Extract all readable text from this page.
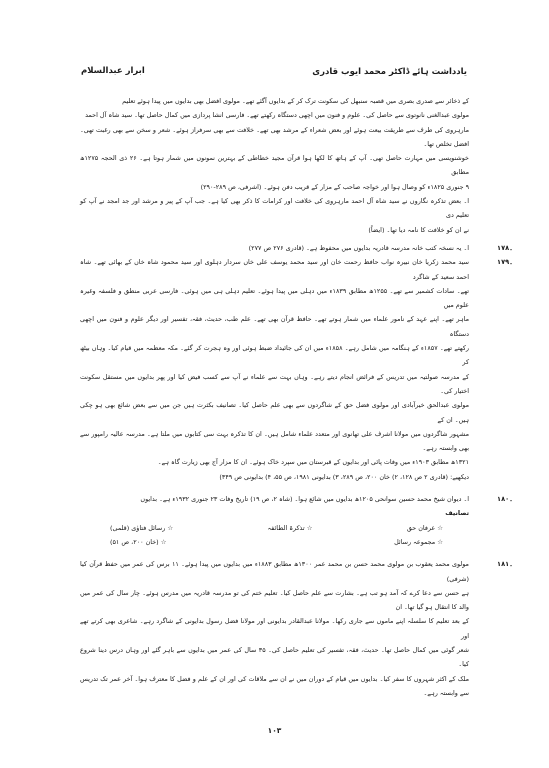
یادداشت ہائے ڈاکٹر محمد ایوب قادری
ابرار عبدالسلام
کے ذخائر سے صدری بصری میں قصبہ سنبھل کی سکونت ترک کر کے بدایوں آگئے تھے۔ مولوی افضل بھی بدایوں میں پیدا ہوئے تعلیم
مولوی عبدالغنی نانوتوی سے حاصل کی۔ علوم و فنون میں اچھی دستگاہ رکھتے تھے۔ فارسی انشا پردازی میں کمال حاصل تھا۔ سید شاہ آل احمد
مارہروی کی طرف سے طریقت بیعت ہوئے اور بعض شعراء کے مرشد بھی تھے۔ خلافت سے بھی سرفراز ہوئے۔ شعر و سخن سے بھی رغبت تھی۔ افضل تخلص تھا۔
خوشنویسی میں مہارت حاصل تھی۔ آپ کے ہاتھ کا لکھا ہوا قرآن مجید خطاطی کے بہترین نمونوں میں شمار ہوتا ہے۔ ۲۶ ذی الحجہ ۱۲۷۵ھ مطابق
۹ جنوری ۱۸۲۵ء کو وصال ہوا اور خواجہ صاحب کے مزار کے قریب دفن ہوئے۔ (اشرفی، ص ۲۸۹-۲۹۰)
ا۔ بعض تذکرہ نگاروں نے سید شاہ آل احمد مارہروی کی خلافت اور کرامات کا ذکر بھی کیا ہے۔ جب آپ کے پیر و مرشد اور جد امجد نے آپ کو تعلیم دی
نے ان کو خلافت کا نامہ دیا تھا۔ (ایضاً)
۱۷۸۔
ا۔ یہ نسخہ کتب خانہ مدرسہ قادریہ بدایوں میں محفوظ ہے۔ (قادری ۲۷۶ ص ۲۷۷)
۱۷۹۔
سید محمد زکریا خان نبیرہ نواب حافظ رحمت خان اور سید محمد یوسف علی خاں سردار دہلوی اور سید محمود شاہ خاں کے بھائی تھے۔ شاہ احمد سعید کے شاگرد
تھے۔ سادات کشمیر سے تھے۔ ۱۲۵۵ھ مطابق ۱۸۳۹ء میں دہلی میں پیدا ہوئے۔ تعلیم دہلی ہی میں ہوئی۔ فارسی عربی منطق و فلسفہ وغیرہ علوم میں
ماہر تھے۔ اپنے عہد کے نامور علماء میں شمار ہوتے تھے۔ حافظ قرآن بھی تھے۔ علم طب، حدیث، فقہ، تفسیر اور دیگر علوم و فنون میں اچھی دستگاہ
رکھتے تھے۔ ۱۸۵۷ء کے ہنگامہ میں شامل رہے۔ ۱۸۵۸ء میں ان کی جائیداد ضبط ہوئی اور وہ ہجرت کر گئے۔ مکہ معظمہ میں قیام کیا۔ وہاں بیٹھ کر
کے مدرسہ صولتیہ میں تدریس کے فرائض انجام دیتے رہے۔ وہاں بہت سے علماء نے آپ سے کسب فیض کیا اور پھر بدایوں میں مستقل سکونت اختیار کی۔
مولوی عبدالحق خیرآبادی اور مولوی فضل حق کے شاگردوں سے بھی علم حاصل کیا۔ تصانیف بکثرت ہیں جن میں سے بعض شائع بھی ہو چکی ہیں۔ ان کے
مشہور شاگردوں میں مولانا اشرف علی تھانوی اور متعدد علماء شامل ہیں۔ ان کا تذکرہ بہت سی کتابوں میں ملتا ہے۔ مدرسہ عالیہ رامپور سے بھی وابستہ رہے۔
۱۳۲۱ھ مطابق ۱۹۰۳ء میں وفات پائی اور بدایوں کے قبرستان میں سپرد خاک ہوئے۔ ان کا مزار آج بھی زیارت گاہ ہے۔
دیکھیے: (قادری ۲ ص ۱۲۸، ۲) خان ۲۰۰، ص ۲۸۹، ۳) بدایونی ۱۹۸۱، ص ۵۵، ۴) بدایونی ص ۳۴۹)
۱۸۰۔
ا۔ دیوان شیخ محمد حسین سوانحی ۱۲۰۵ھ بدایوں میں شائع ہوا۔ (شاہ ۲، ص ۱۹) تاریخ وفات ۲۳ جنوری ۱۹۳۲ء ہے۔ بدایوں
تصانیف
☆ عرفان حق
☆ تذکرۃ الطائفہ
☆ رسائل فتاوٰی (قلمی)
☆ مجموعہ رسائل
☆ (خان ۲۰۰، ص ۵۱)
۱۸۱۔
مولوی محمد یعقوب بن مولوی محمد حسن بن محمد عمر ۱۳۰۰ھ مطابق ۱۸۸۳ء میں بدایوں میں پیدا ہوئے۔ ۱۱ برس کی عمر میں حفظ قرآن کیا (شرفی)
ہے حسن سے دعا کرے کہ آمد ہو تب ہے۔ بشارت سے علم حاصل کیا۔ تعلیم ختم کی تو مدرسہ قادریہ میں مدرس ہوئے۔ چار سال کی عمر میں والد کا انتقال ہو گیا تھا۔ ان
کے بعد تعلیم کا سلسلہ اپنے ماموں سے جاری رکھا۔ مولانا عبدالقادر بدایونی اور مولانا فضل رسول بدایونی کے شاگرد رہے۔ شاعری بھی کرتے تھے اور
شعر گوئی میں کمال حاصل تھا۔ حدیث، فقہ، تفسیر کی تعلیم حاصل کی۔ ۳۵ سال کی عمر میں بدایوں سے باہر گئے اور وہاں درس دینا شروع کیا۔
ملک کے اکثر شہروں کا سفر کیا۔ بدایوں میں قیام کے دوران میں نے ان سے ملاقات کی اور ان کے علم و فضل کا معترف ہوا۔ آخر عمر تک تدریس سے وابستہ رہے۔
۱۰۳
